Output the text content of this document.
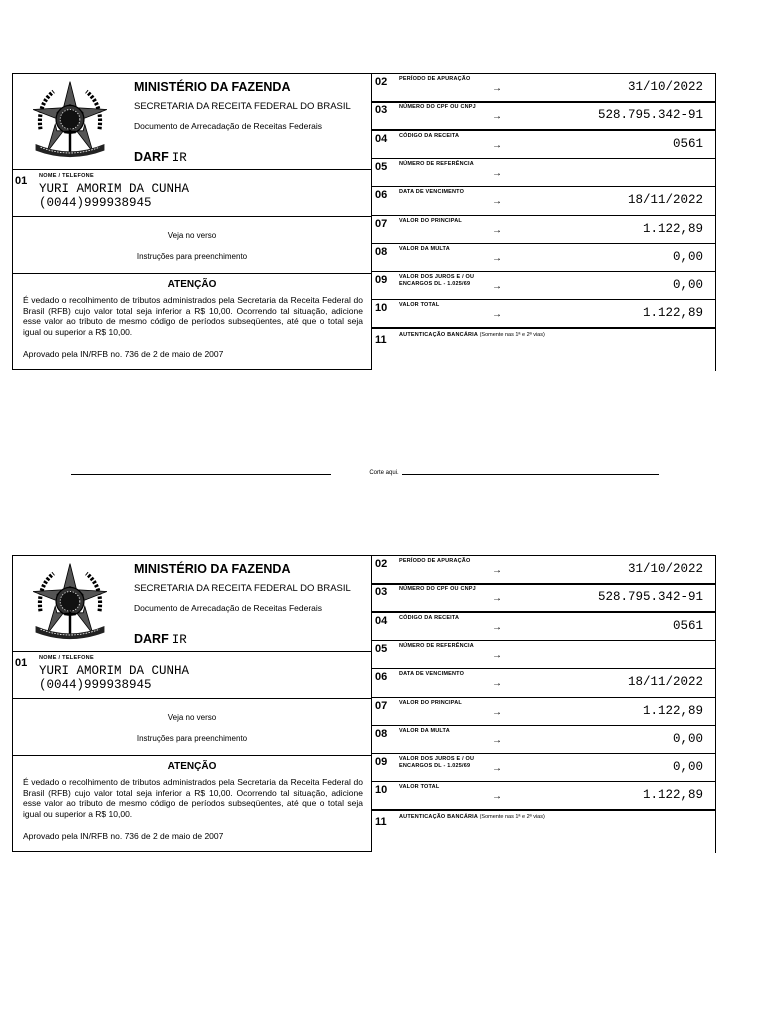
MINISTÉRIO DA FAZENDA
SECRETARIA DA RECEITA FEDERAL DO BRASIL
Documento de Arrecadação de Receitas Federais
DARF IR
01 NOME / TELEFONE
YURI AMORIM DA CUNHA
(0044)999938945
Veja no verso
Instruções para preenchimento
ATENÇÃO
É vedado o recolhimento de tributos administrados pela Secretaria da Receita Federal do Brasil (RFB) cujo valor total seja inferior a R$ 10,00. Ocorrendo tal situação, adicione esse valor ao tributo de mesmo código de períodos subseqüentes, até que o total seja igual ou superior a R$ 10,00.
Aprovado pela IN/RFB no. 736 de 2 de maio de 2007
02 PERÍODO DE APURAÇÃO
→	31/10/2022
03 NÚMERO DO CPF OU CNPJ
→	528.795.342-91
04 CÓDIGO DA RECEITA
→	0561
05 NÚMERO DE REFERÊNCIA
→
06 DATA DE VENCIMENTO
→	18/11/2022
07 VALOR DO PRINCIPAL
→	1.122,89
08 VALOR DA MULTA
→	0,00
09 VALOR DOS JUROS E / OU
ENCARGOS DL - 1.025/69	→	0,00
10 VALOR TOTAL
→	1.122,89
11 AUTENTICAÇÃO BANCÁRIA (Somente nas 1ª e 2ª vias)
Corte aqui.
MINISTÉRIO DA FAZENDA
SECRETARIA DA RECEITA FEDERAL DO BRASIL
Documento de Arrecadação de Receitas Federais
DARF IR
01 NOME / TELEFONE
YURI AMORIM DA CUNHA
(0044)999938945
Veja no verso
Instruções para preenchimento
ATENÇÃO
É vedado o recolhimento de tributos administrados pela Secretaria da Receita Federal do Brasil (RFB) cujo valor total seja inferior a R$ 10,00. Ocorrendo tal situação, adicione esse valor ao tributo de mesmo código de períodos subseqüentes, até que o total seja igual ou superior a R$ 10,00.
Aprovado pela IN/RFB no. 736 de 2 de maio de 2007
02 PERÍODO DE APURAÇÃO
→	31/10/2022
03 NÚMERO DO CPF OU CNPJ
→	528.795.342-91
04 CÓDIGO DA RECEITA
→	0561
05 NÚMERO DE REFERÊNCIA
→
06 DATA DE VENCIMENTO
→	18/11/2022
07 VALOR DO PRINCIPAL
→	1.122,89
08 VALOR DA MULTA
→	0,00
09 VALOR DOS JUROS E / OU
ENCARGOS DL - 1.025/69	→	0,00
10 VALOR TOTAL
→	1.122,89
11 AUTENTICAÇÃO BANCÁRIA (Somente nas 1ª e 2ª vias)
